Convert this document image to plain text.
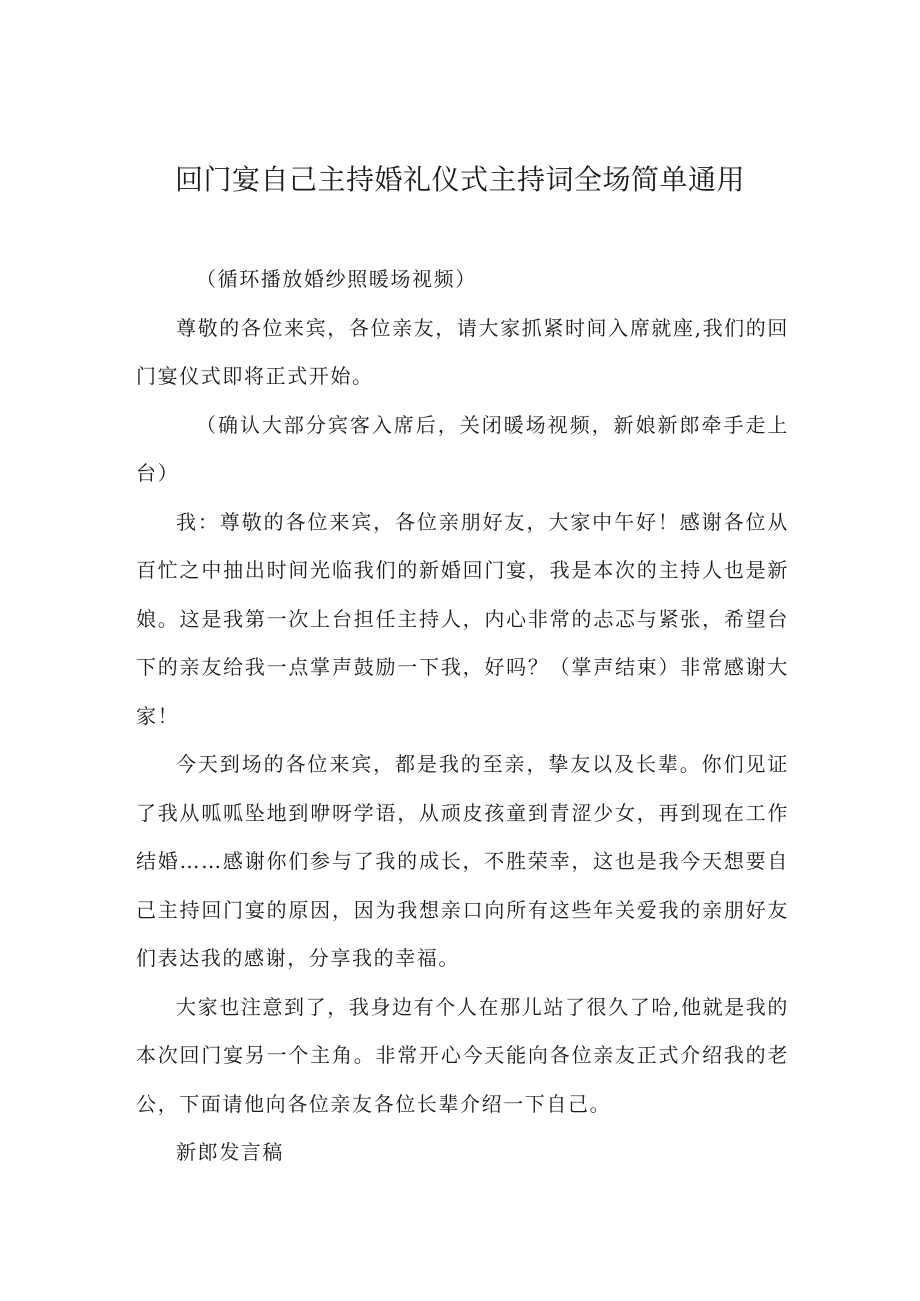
回门宴自己主持婚礼仪式主持词全场简单通用

（循环播放婚纱照暖场视频）

尊敬的各位来宾，各位亲友，请大家抓紧时间入席就座,我们的回门宴仪式即将正式开始。

（确认大部分宾客入席后，关闭暖场视频，新娘新郎牵手走上台）

我：尊敬的各位来宾，各位亲朋好友，大家中午好！感谢各位从百忙之中抽出时间光临我们的新婚回门宴，我是本次的主持人也是新娘。这是我第一次上台担任主持人，内心非常的忐忑与紧张，希望台下的亲友给我一点掌声鼓励一下我，好吗？（掌声结束）非常感谢大家！

今天到场的各位来宾，都是我的至亲，挚友以及长辈。你们见证了我从呱呱坠地到咿呀学语，从顽皮孩童到青涩少女，再到现在工作结婚……感谢你们参与了我的成长，不胜荣幸，这也是我今天想要自己主持回门宴的原因，因为我想亲口向所有这些年关爱我的亲朋好友们表达我的感谢，分享我的幸福。

大家也注意到了，我身边有个人在那儿站了很久了哈,他就是我的本次回门宴另一个主角。非常开心今天能向各位亲友正式介绍我的老公，下面请他向各位亲友各位长辈介绍一下自己。

新郎发言稿
